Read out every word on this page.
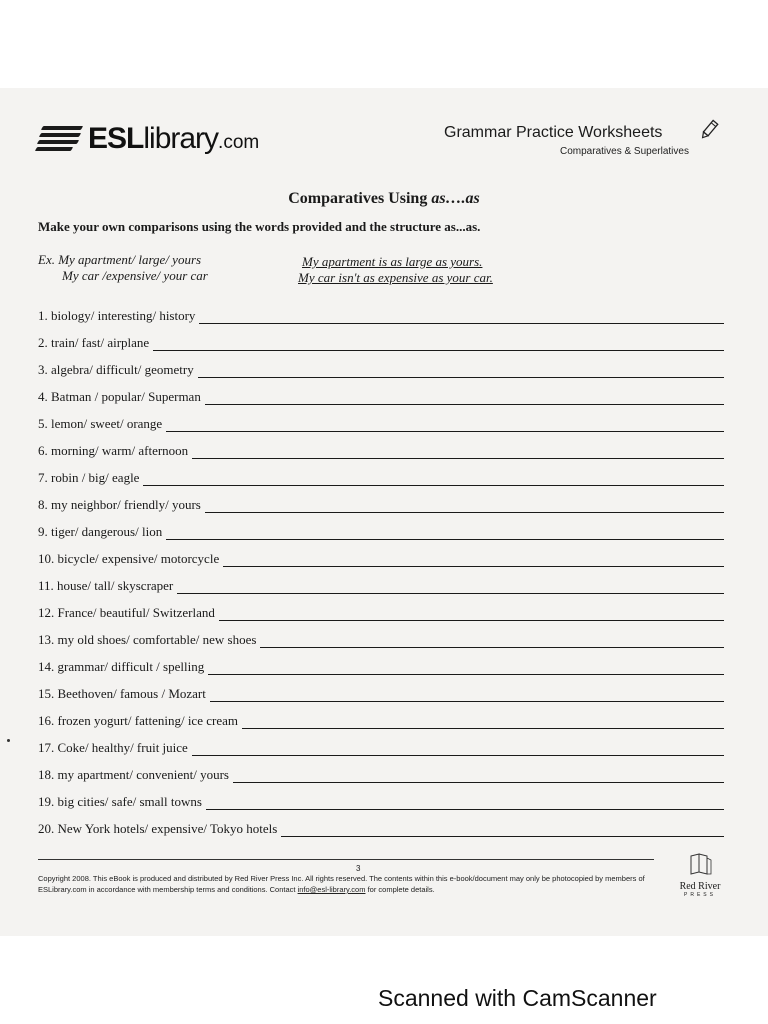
ESLlibrary.com	Grammar Practice Worksheets
Comparatives & Superlatives
Comparatives Using as….as
Make your own comparisons using the words provided and the structure as...as.
Ex. My apartment/ large/ yours	My apartment is as large as yours.
My car /expensive/ your car	My car isn't as expensive as your car.
1. biology/ interesting/ history
2. train/ fast/ airplane
3. algebra/ difficult/ geometry
4. Batman / popular/ Superman
5. lemon/ sweet/ orange
6. morning/ warm/ afternoon
7. robin / big/ eagle
8. my neighbor/ friendly/ yours
9. tiger/ dangerous/ lion
10. bicycle/ expensive/ motorcycle
11. house/ tall/ skyscraper
12. France/ beautiful/ Switzerland
13. my old shoes/ comfortable/ new shoes
14. grammar/ difficult / spelling
15. Beethoven/ famous / Mozart
16. frozen yogurt/ fattening/ ice cream
17. Coke/ healthy/ fruit juice
18. my apartment/ convenient/ yours
19. big cities/ safe/ small towns
20. New York hotels/ expensive/ Tokyo hotels
3
Copyright 2008. This eBook is produced and distributed by Red River Press Inc. All rights reserved. The contents within this e-book/document may only be photocopied by members of ESLibrary.com in accordance with membership terms and conditions. Contact info@esl-library.com for complete details.	Red River
PRESS
Scanned with CamScanner
